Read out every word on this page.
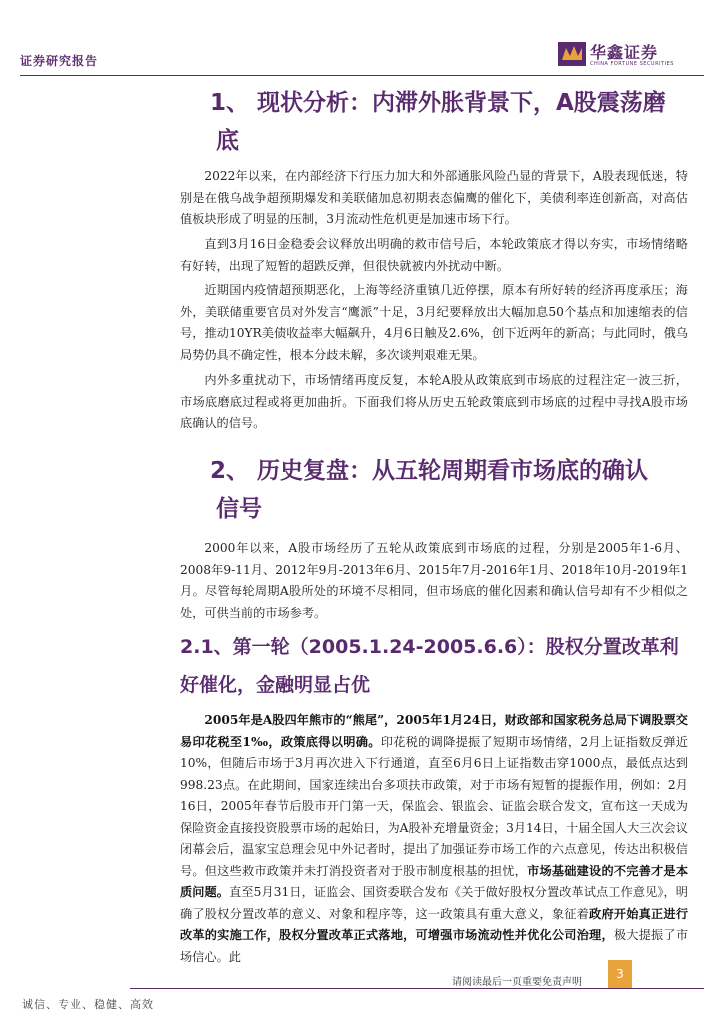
证券研究报告	华鑫证券
CHINA FORTUNE SECURITIES
1、 现状分析：内滞外胀背景下，A股震荡磨
底

2022年以来，在内部经济下行压力加大和外部通胀风险凸显的背景下，A股表现低迷，特别是在俄乌战争超预期爆发和美联储加息初期表态偏鹰的催化下，美债利率连创新高，对高估值板块形成了明显的压制，3月流动性危机更是加速市场下行。

直到3月16日金稳委会议释放出明确的救市信号后，本轮政策底才得以夯实，市场情绪略有好转，出现了短暂的超跌反弹，但很快就被内外扰动中断。

近期国内疫情超预期恶化，上海等经济重镇几近停摆，原本有所好转的经济再度承压；海外，美联储重要官员对外发言“鹰派”十足，3月纪要释放出大幅加息50个基点和加速缩表的信号，推动10YR美债收益率大幅飙升，4月6日触及2.6%，创下近两年的新高；与此同时，俄乌局势仍具不确定性，根本分歧未解，多次谈判艰难无果。

内外多重扰动下，市场情绪再度反复，本轮A股从政策底到市场底的过程注定一波三折，市场底磨底过程或将更加曲折。下面我们将从历史五轮政策底到市场底的过程中寻找A股市场底确认的信号。

2、 历史复盘：从五轮周期看市场底的确认
信号

2000年以来，A股市场经历了五轮从政策底到市场底的过程，分别是2005年1-6月、2008年9-11月、2012年9月-2013年6月、2015年7月-2016年1月、2018年10月-2019年1月。尽管每轮周期A股所处的环境不尽相同，但市场底的催化因素和确认信号却有不少相似之处，可供当前的市场参考。

2.1、第一轮（2005.1.24-2005.6.6）：股权分置改革利
好催化，金融明显占优

2005年是A股四年熊市的“熊尾”，2005年1月24日，财政部和国家税务总局下调股票交易印花税至1‰，政策底得以明确。印花税的调降提振了短期市场情绪，2月上证指数反弹近10%，但随后市场于3月再次进入下行通道，直至6月6日上证指数击穿1000点，最低点达到998.23点。在此期间，国家连续出台多项扶市政策，对于市场有短暂的提振作用，例如：2月16日，2005年春节后股市开门第一天，保监会、银监会、证监会联合发文，宣布这一天成为保险资金直接投资股票市场的起始日，为A股补充增量资金；3月14日，十届全国人大三次会议闭幕会后，温家宝总理会见中外记者时，提出了加强证券市场工作的六点意见，传达出积极信号。但这些救市政策并未打消投资者对于股市制度根基的担忧，市场基础建设的不完善才是本质问题。直至5月31日，证监会、国资委联合发布《关于做好股权分置改革试点工作意见》，明确了股权分置改革的意义、对象和程序等，这一政策具有重大意义，象征着政府开始真正进行改革的实施工作，股权分置改革正式落地，可增强市场流动性并优化公司治理，极大提振了市场信心。此

请阅读最后一页重要免责声明
3
诚信、专业、稳健、高效
